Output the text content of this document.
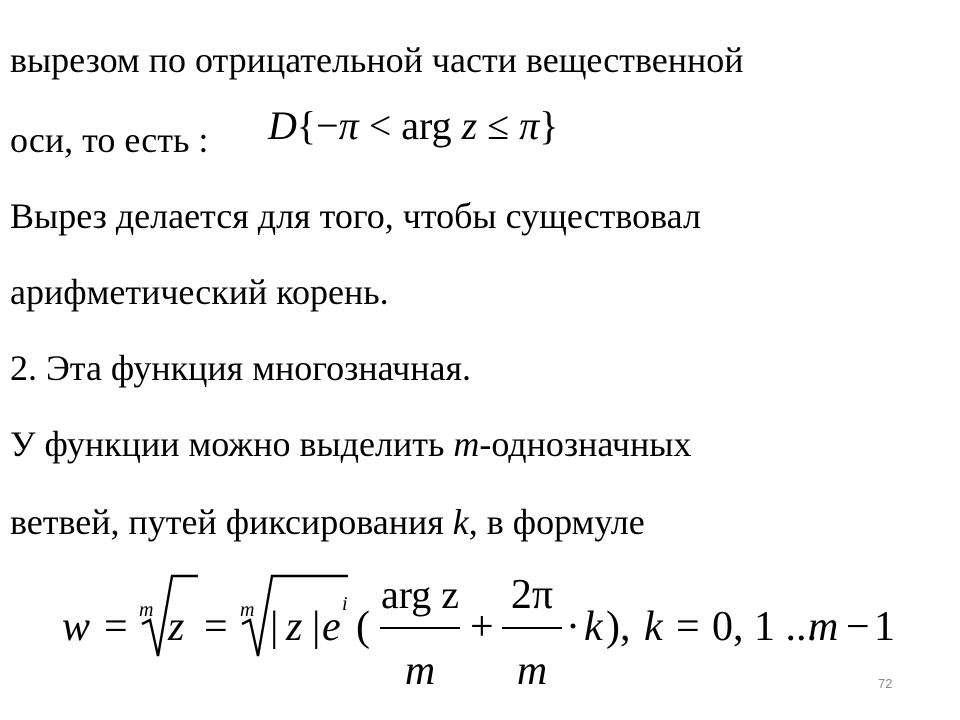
вырезом по отрицательной части вещественной
оси, то есть : D{−π < arg z ≤ π}
Вырез делается для того, чтобы существовал
арифметический корень.
2. Эта функция многозначная.
У функции можно выделить m-однозначных
ветвей, путей фиксирования k, в формуле
w = m z = m | z | e i (
arg z
m
+
2π
m
· k ), k = 0, 1 ...
m − 1
72
